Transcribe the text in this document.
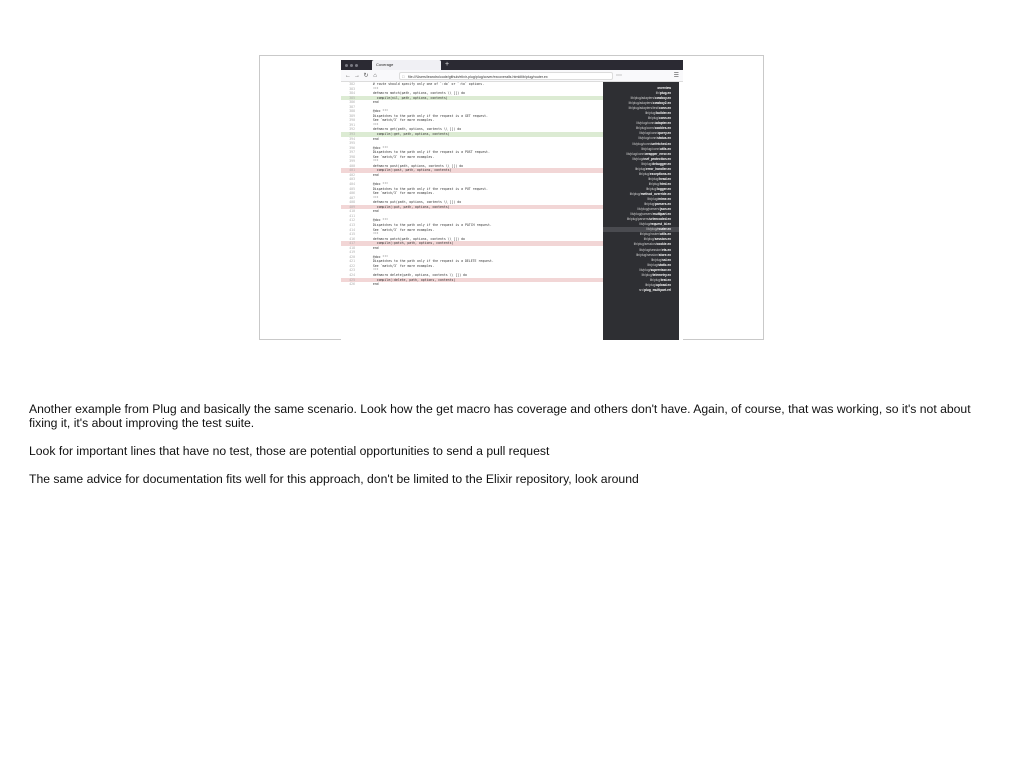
Coverage	+
← → ↻ ⌂	□ file:///Users/leandro/code/github/elixir-plug/plug/cover/excoveralls.html#lib/plug/router.ex	⋯	☰
382	# route should specify only one of `:do` or `:to` options.
383	"""
384	defmacro match(path, options, contents \\ []) do
385	compile(nil, path, options, contents)
386	end
387
388	@doc """
389	Dispatches to the path only if the request is a GET request.
390	See `match/3` for more examples.
391	"""
392	defmacro get(path, options, contents \\ []) do
393	compile(:get, path, options, contents)
394	end
395
396	@doc """
397	Dispatches to the path only if the request is a POST request.
398	See `match/3` for more examples.
399	"""
400	defmacro post(path, options, contents \\ []) do
401	compile(:post, path, options, contents)
402	end
403
404	@doc """
405	Dispatches to the path only if the request is a PUT request.
406	See `match/3` for more examples.
407	"""
408	defmacro put(path, options, contents \\ []) do
409	compile(:put, path, options, contents)
410	end
411
412	@doc """
413	Dispatches to the path only if the request is a PATCH request.
414	See `match/3` for more examples.
415	"""
416	defmacro patch(path, options, contents \\ []) do
417	compile(:patch, path, options, contents)
418	end
419
420	@doc """
421	Dispatches to the path only if the request is a DELETE request.
422	See `match/3` for more examples.
423	"""
424	defmacro delete(path, options, contents \\ []) do
425	compile(:delete, path, options, contents)
426	end
overview
lib/plug.ex
lib/plug/adapters/cowboy.ex
lib/plug/adapters/cowboy2.ex
lib/plug/adapters/test/conn.ex
lib/plug/builder.ex
lib/plug/conn.ex
lib/plug/conn/adapter.ex
lib/plug/conn/cookies.ex
lib/plug/conn/query.ex
lib/plug/conn/status.ex
lib/plug/conn/unfetched.ex
lib/plug/conn/utils.ex
lib/plug/conn/wrapper_error.ex
lib/plug/csrf_protection.ex
lib/plug/debugger.ex
lib/plug/error_handler.ex
lib/plug/exceptions.ex
lib/plug/head.ex
lib/plug/html.ex
lib/plug/logger.ex
lib/plug/method_override.ex
lib/plug/mime.ex
lib/plug/parsers.ex
lib/plug/parsers/json.ex
lib/plug/parsers/multipart.ex
lib/plug/parsers/urlencoded.ex
lib/plug/request_id.ex
lib/plug/router.ex
lib/plug/router/utils.ex
lib/plug/session.ex
lib/plug/session/cookie.ex
lib/plug/session/ets.ex
lib/plug/session/store.ex
lib/plug/ssl.ex
lib/plug/static.ex
lib/plug/supervisor.ex
lib/plug/telemetry.ex
lib/plug/test.ex
lib/plug/upload.ex
src/plug_multipart.erl

Another example from Plug and basically the same scenario. Look how the get macro has coverage and others don't have. Again, of course, that was working, so it's not about fixing it, it's about improving the test suite.

Look for important lines that have no test, those are potential opportunities to send a pull request

The same advice for documentation fits well for this approach, don't be limited to the Elixir repository, look around
